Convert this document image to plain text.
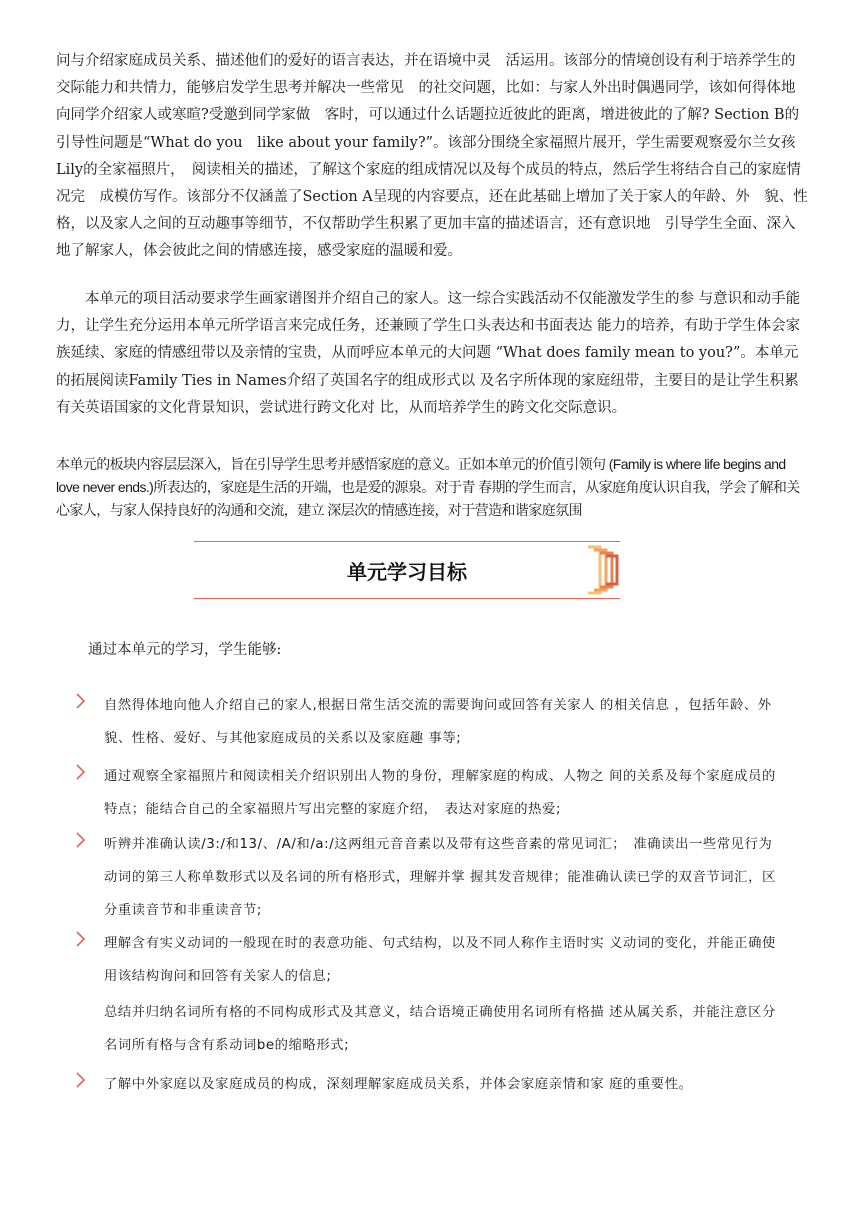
问与介绍家庭成员关系、描述他们的爱好的语言表达，并在语境中灵　活运用。该部分的情境创设有利于培养学生的交际能力和共情力，能够启发学生思考并解决一些常见　的社交问题，比如：与家人外出时偶遇同学，该如何得体地向同学介绍家人或寒暄?受邀到同学家做　客时，可以通过什么话题拉近彼此的距离，增进彼此的了解? Section B的引导性问题是“What do you　like about your family?”。该部分围绕全家福照片展开，学生需要观察爱尔兰女孩Lily的全家福照片，　阅读相关的描述，了解这个家庭的组成情况以及每个成员的特点，然后学生将结合自己的家庭情况完　成模仿写作。该部分不仅涵盖了Section A呈现的内容要点，还在此基础上增加了关于家人的年龄、外　貌、性格，以及家人之间的互动趣事等细节，不仅帮助学生积累了更加丰富的描述语言，还有意识地　引导学生全面、深入地了解家人，体会彼此之间的情感连接，感受家庭的温暖和爱。

本单元的项目活动要求学生画家谱图并介绍自己的家人。这一综合实践活动不仅能激发学生的参 与意识和动手能力，让学生充分运用本单元所学语言来完成任务，还兼顾了学生口头表达和书面表达 能力的培养，有助于学生体会家族延续、家庭的情感纽带以及亲情的宝贵，从而呼应本单元的大问题 “What does family mean to you?”。本单元的拓展阅读Family Ties in Names介绍了英国名字的组成形式以 及名字所体现的家庭纽带，主要目的是让学生积累有关英语国家的文化背景知识，尝试进行跨文化对 比，从而培养学生的跨文化交际意识。

本单元的板块内容层层深入，旨在引导学生思考并感悟家庭的意义。正如本单元的价值引领句 (Family is where life begins and love never ends.)所表达的，家庭是生活的开端，也是爱的源泉。对于青 春期的学生而言，从家庭角度认识自我，学会了解和关心家人，与家人保持良好的沟通和交流，建立 深层次的情感连接，对于营造和谐家庭氛围

单元学习目标

通过本单元的学习，学生能够:

自然得体地向他人介绍自己的家人,根据日常生活交流的需要询问或回答有关家人 的相关信息 ，包括年龄、外貌、性格、爱好、与其他家庭成员的关系以及家庭趣 事等;

通过观察全家福照片和阅读相关介绍识别出人物的身份，理解家庭的构成、人物之 间的关系及每个家庭成员的特点；能结合自己的全家福照片写出完整的家庭介绍，　表达对家庭的热爱;

听辨并准确认读/3:/和13/、/A/和/a:/这两组元音音素以及带有这些音素的常见词汇；　准确读出一些常见行为动词的第三人称单数形式以及名词的所有格形式，理解并掌 握其发音规律；能准确认读已学的双音节词汇，区分重读音节和非重读音节;

理解含有实义动词的一般现在时的表意功能、句式结构，以及不同人称作主语时实 义动词的变化，并能正确使用该结构询问和回答有关家人的信息;

总结并归纳名词所有格的不同构成形式及其意义，结合语境正确使用名词所有格描 述从属关系，并能注意区分名词所有格与含有系动词be的缩略形式;

了解中外家庭以及家庭成员的构成，深刻理解家庭成员关系，并体会家庭亲情和家 庭的重要性。
